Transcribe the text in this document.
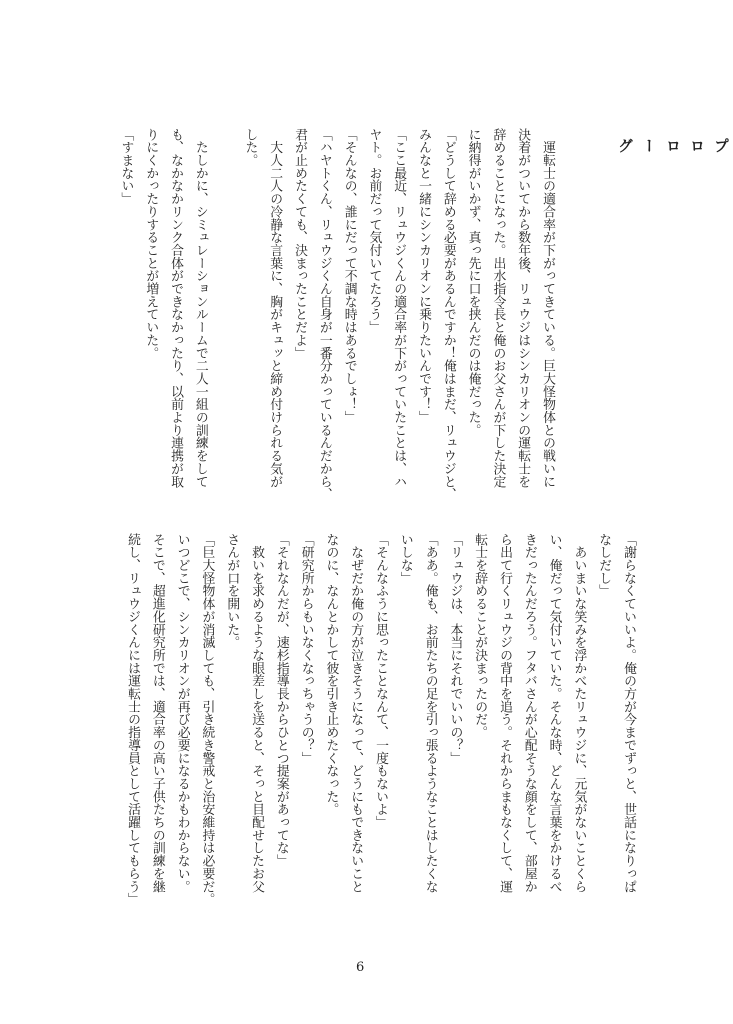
プロローグ
　運転士の適合率が下がってきている。巨大怪物体との戦いに
決着がついてから数年後、リュウジはシンカリオンの運転士を
辞めることになった。出水指令長と俺のお父さんが下した決定
に納得がいかず、真っ先に口を挟んだのは俺だった。
「どうして辞める必要があるんですか！俺はまだ、リュウジと、
みんなと一緒にシンカリオンに乗りたいんです！」
「ここ最近、リュウジくんの適合率が下がっていたことは、ハ
ヤト。お前だって気付いてたろう」
「そんなの、誰にだって不調な時はあるでしょ！」
「ハヤトくん、リュウジくん自身が一番分かっているんだから、
君が止めたくても、決まったことだよ」
　大人二人の冷静な言葉に、胸がキュッと締め付けられる気が
した。
　たしかに、シミュレーションルームで二人一組の訓練をして
も、なかなかリンク合体ができなかったり、以前より連携が取
りにくかったりすることが増えていた。
「すまない」
「謝らなくていいよ。俺の方が今までずっと、世話になりっぱ
なしだし」
　あいまいな笑みを浮かべたリュウジに、元気がないことくら
い、俺だって気付いていた。そんな時、どんな言葉をかけるべ
きだったんだろう。フタバさんが心配そうな顔をして、部屋か
ら出て行くリュウジの背中を追う。それからまもなくして、運
転士を辞めることが決まったのだ。
「リュウジは、本当にそれでいいの？」
「ああ。俺も、お前たちの足を引っ張るようなことはしたくな
いしな」
「そんなふうに思ったことなんて、一度もないよ」
　なぜだか俺の方が泣きそうになって、どうにもできないこと
なのに、なんとかして彼を引き止めたくなった。
「研究所からもいなくなっちゃうの？」
「それなんだが、速杉指導長からひとつ提案があってな」
　救いを求めるような眼差しを送ると、そっと目配せしたお父
さんが口を開いた。
「巨大怪物体が消滅しても、引き続き警戒と治安維持は必要だ。
いつどこで、シンカリオンが再び必要になるかもわからない。
そこで、超進化研究所では、適合率の高い子供たちの訓練を継
続し、リュウジくんには運転士の指導員として活躍してもらう」
6
